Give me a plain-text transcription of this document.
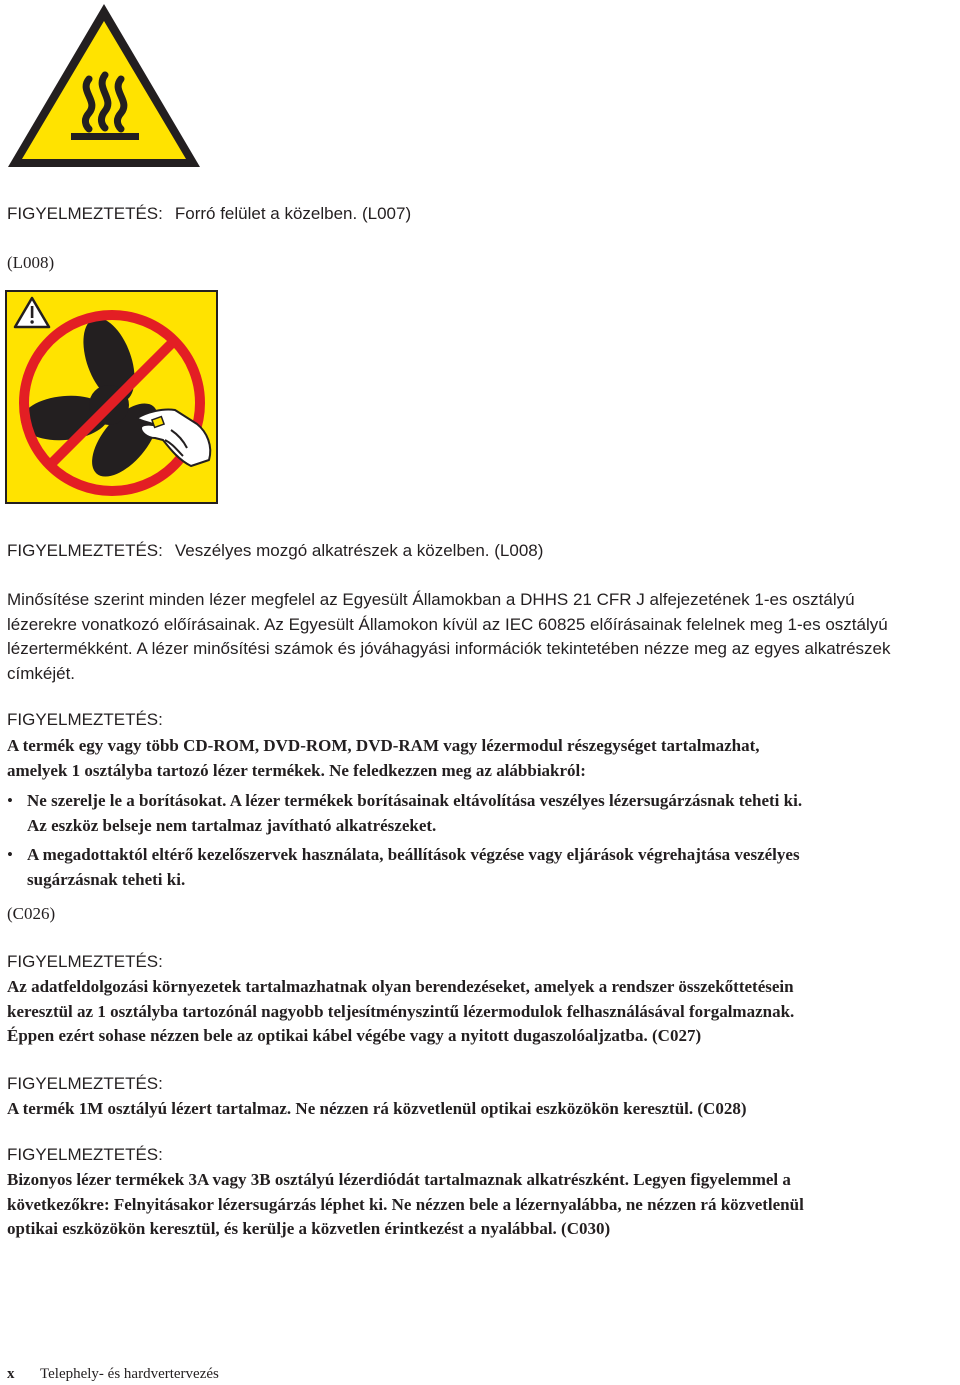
FIGYELMEZTETÉS: Forró felület a közelben. (L007)
(L008)
FIGYELMEZTETÉS: Veszélyes mozgó alkatrészek a közelben. (L008)
Minősítése szerint minden lézer megfelel az Egyesült Államokban a DHHS 21 CFR J alfejezetének 1-es osztályú
lézerekre vonatkozó előírásainak. Az Egyesült Államokon kívül az IEC 60825 előírásainak felelnek meg 1-es osztályú
lézertermékként. A lézer minősítési számok és jóváhagyási információk tekintetében nézze meg az egyes alkatrészek
címkéjét.
FIGYELMEZTETÉS:
A termék egy vagy több CD-ROM, DVD-ROM, DVD-RAM vagy lézermodul részegységet tartalmazhat,
amelyek 1 osztályba tartozó lézer termékek. Ne feledkezzen meg az alábbiakról:
• Ne szerelje le a borításokat. A lézer termékek borításainak eltávolítása veszélyes lézersugárzásnak teheti ki.
Az eszköz belseje nem tartalmaz javítható alkatrészeket.
• A megadottaktól eltérő kezelőszervek használata, beállítások végzése vagy eljárások végrehajtása veszélyes
sugárzásnak teheti ki.
(C026)
FIGYELMEZTETÉS:
Az adatfeldolgozási környezetek tartalmazhatnak olyan berendezéseket, amelyek a rendszer összekőttetésein
keresztül az 1 osztályba tartozónál nagyobb teljesítményszintű lézermodulok felhasználásával forgalmaznak.
Éppen ezért sohase nézzen bele az optikai kábel végébe vagy a nyitott dugaszolóaljzatba. (C027)
FIGYELMEZTETÉS:
A termék 1M osztályú lézert tartalmaz. Ne nézzen rá közvetlenül optikai eszközökön keresztül. (C028)
FIGYELMEZTETÉS:
Bizonyos lézer termékek 3A vagy 3B osztályú lézerdiódát tartalmaznak alkatrészként. Legyen figyelemmel a
következőkre: Felnyitásakor lézersugárzás léphet ki. Ne nézzen bele a lézernyalábba, ne nézzen rá közvetlenül
optikai eszközökön keresztül, és kerülje a közvetlen érintkezést a nyalábbal. (C030)
x Telephely- és hardvertervezés
